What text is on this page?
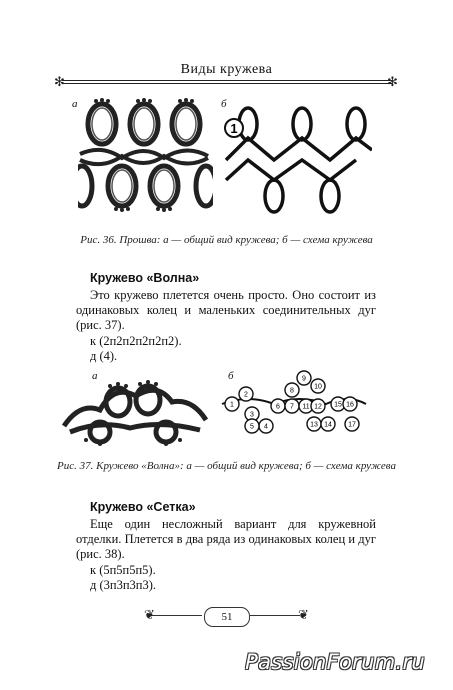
Виды кружева
✻	✻
а	б
1
Рис. 36. Прошва: а — общий вид кружева; б — схема кружева
Кружево «Волна»
Это кружево плетется очень просто. Оно состоит из одинаковых колец и маленьких соединительных дуг (рис. 37).
к (2п2п2п2п2п2).
д (4).
а	б
1
2
3
4
5
6 7
8
9
10
11 12
13 14
15 16
17
Рис. 37. Кружево «Волна»: а — общий вид кружева; б — схема кружева
Кружево «Сетка»
Еще один несложный вариант для кружевной отделки. Плетется в два ряда из одинаковых колец и дуг (рис. 38).
к (5п5п5п5).
д (3п3п3п3).
❦	❦
51
PassionForum.ru
